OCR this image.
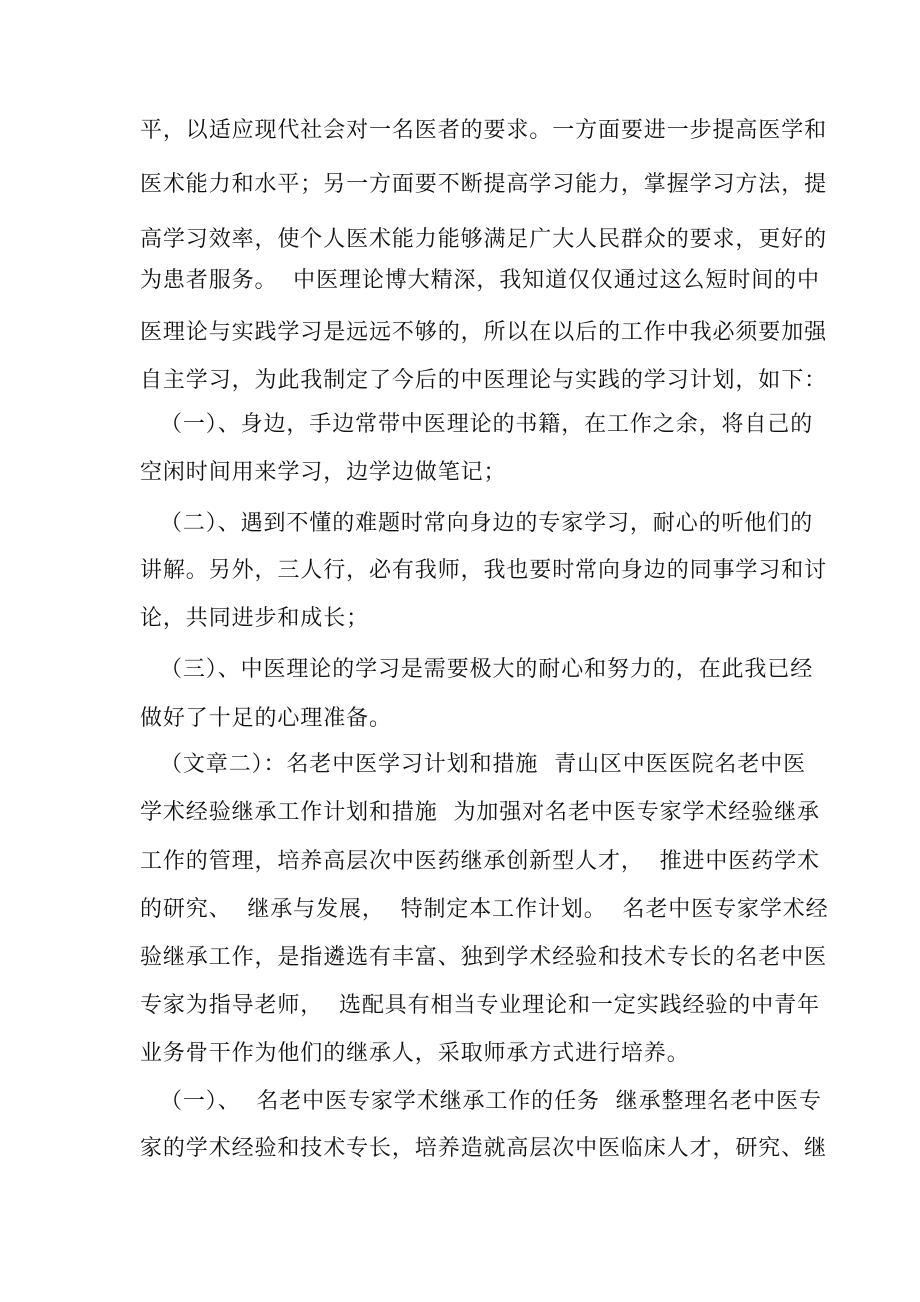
平，以适应现代社会对一名医者的要求。一方面要进一步提高医学和
医术能力和水平；另一方面要不断提高学习能力，掌握学习方法，提
高学习效率，使个人医术能力能够满足广大人民群众的要求，更好的
为患者服务。  中医理论博大精深，我知道仅仅通过这么短时间的中
医理论与实践学习是远远不够的，所以在以后的工作中我必须要加强
自主学习，为此我制定了今后的中医理论与实践的学习计划，如下：
（一）、身边，手边常带中医理论的书籍，在工作之余，将自己的
空闲时间用来学习，边学边做笔记；
（二）、遇到不懂的难题时常向身边的专家学习，耐心的听他们的
讲解。另外，三人行，必有我师，我也要时常向身边的同事学习和讨
论，共同进步和成长；
（三）、中医理论的学习是需要极大的耐心和努力的，在此我已经
做好了十足的心理准备。
（文章二）：名老中医学习计划和措施  青山区中医医院名老中医
学术经验继承工作计划和措施  为加强对名老中医专家学术经验继承
工作的管理，培养高层次中医药继承创新型人才，  推进中医药学术
的研究、  继承与发展，  特制定本工作计划。  名老中医专家学术经
验继承工作，是指遴选有丰富、独到学术经验和技术专长的名老中医
专家为指导老师，  选配具有相当专业理论和一定实践经验的中青年
业务骨干作为他们的继承人，采取师承方式进行培养。
（一）、  名老中医专家学术继承工作的任务  继承整理名老中医专
家的学术经验和技术专长，培养造就高层次中医临床人才，研究、继
